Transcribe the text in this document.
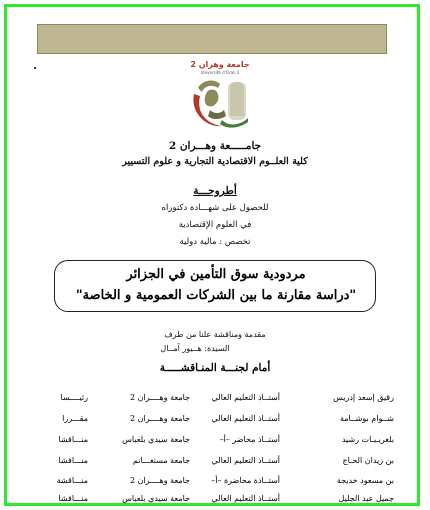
جامعة وهران 2
Université d'Oran 2
جامـــــعة وهـــران 2
كلية العلــوم الاقتصادية التجارية و علوم التسيير
أطروحـــة
للحصول على شهـــادة دكتوراه
في العلوم الإقتصادية
تخصص : مالية دولية
مردودية سوق التأمين في الجزائر
"دراسة مقارنة ما بين الشركات العمومية و الخاصة"
مقدمة ومناقشة علنا من طرف
السيدة: هــيور آمــال
أمام لجنـــة المنـاقشـــــة
رقيق إسعد إدريس
أستــاذ التعليم العالي
جامعة وهــــران 2
رئيــــسا
شــوام بوشــامة
أستــاذ التعليم العالي
جامعة وهــــران 2
مقـــررا
بلغريـبـات رشيد
أستــاذ محاضر –أ–
جامعة سيدي بلعباس
منـــاقشا
بن زيدان الحـاج
أستــاذ التعليم العالي
جامعة مستغـــانم
منـــاقشا
بن مسعود خديجة
أستــاذة محاضرة –أ–
جامعة وهــــران 2
منـــاقشة
جميل عبد الجليل
أستــاذ التعليم العالي
جامعة سيدي بلعباس
منـــاقشا
